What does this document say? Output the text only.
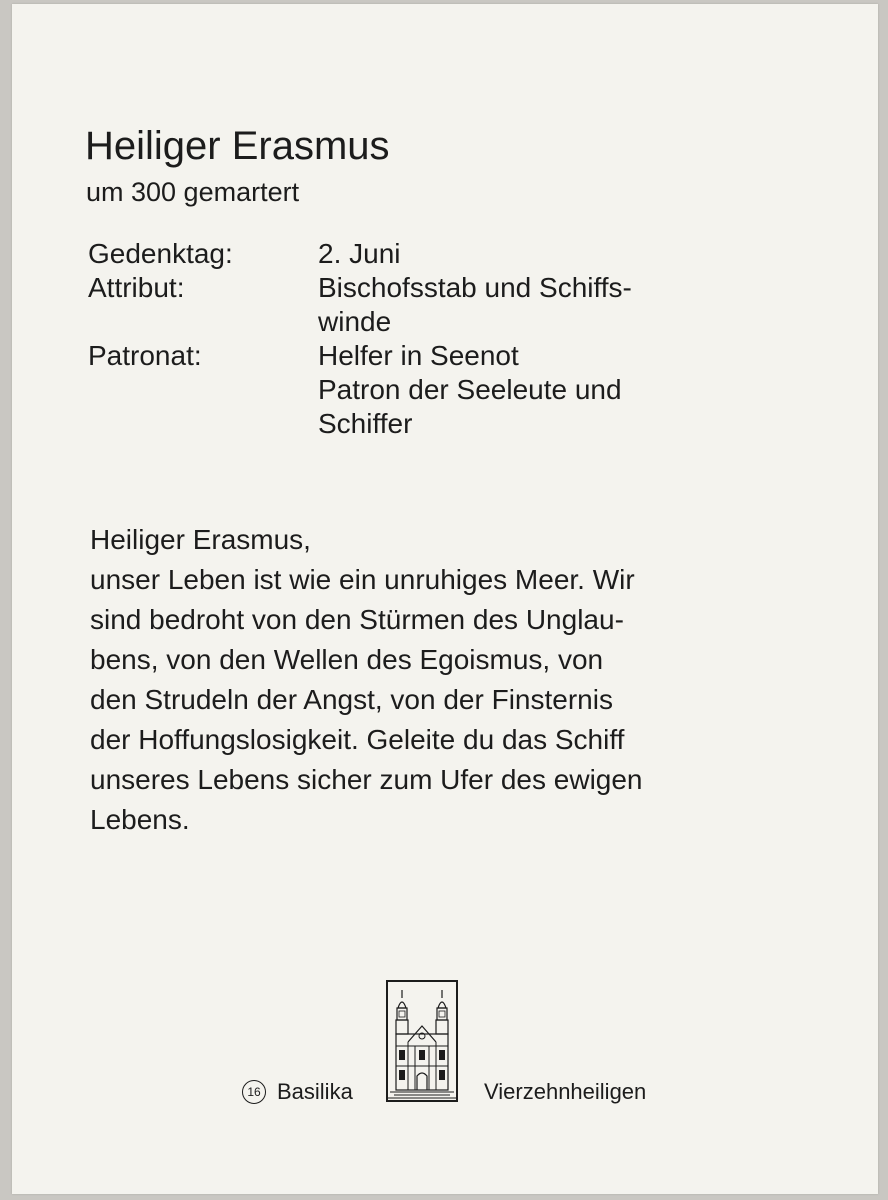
Heiliger Erasmus
um 300 gemartert
Gedenktag:	2. Juni
Attribut:	Bischofsstab und Schiffs-
winde
Patronat:	Helfer in Seenot
Patron der Seeleute und
Schiffer
Heiliger Erasmus,
unser Leben ist wie ein unruhiges Meer. Wir
sind bedroht von den Stürmen des Unglau-
bens, von den Wellen des Egoismus, von
den Strudeln der Angst, von der Finsternis
der Hoffungslosigkeit. Geleite du das Schiff
unseres Lebens sicher zum Ufer des ewigen
Lebens.
16 Basilika	Vierzehnheiligen
